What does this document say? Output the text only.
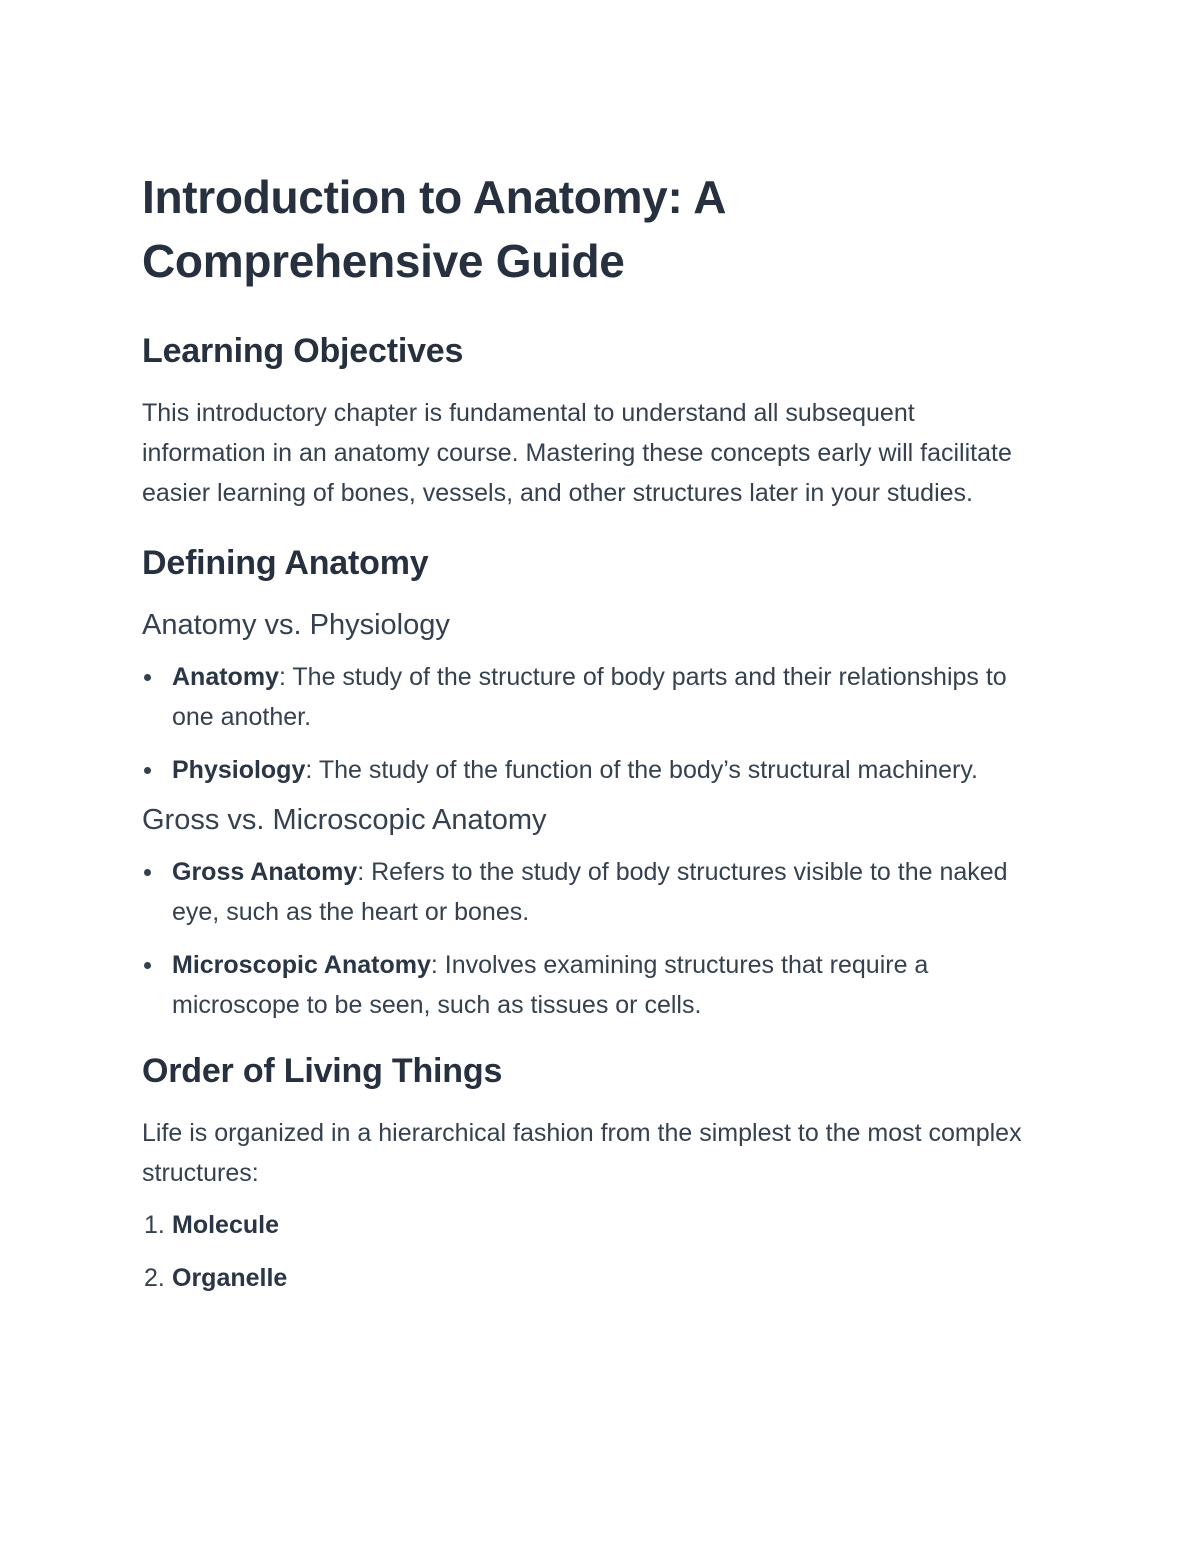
Introduction to Anatomy: A Comprehensive Guide
Learning Objectives

This introductory chapter is fundamental to understand all subsequent information in an anatomy course. Mastering these concepts early will facilitate easier learning of bones, vessels, and other structures later in your studies.

Defining Anatomy
Anatomy vs. Physiology
Anatomy: The study of the structure of body parts and their relationships to one another.
Physiology: The study of the function of the body’s structural machinery.
Gross vs. Microscopic Anatomy
Gross Anatomy: Refers to the study of body structures visible to the naked eye, such as the heart or bones.
Microscopic Anatomy: Involves examining structures that require a microscope to be seen, such as tissues or cells.
Order of Living Things

Life is organized in a hierarchical fashion from the simplest to the most complex structures:

1. Molecule
2. Organelle
